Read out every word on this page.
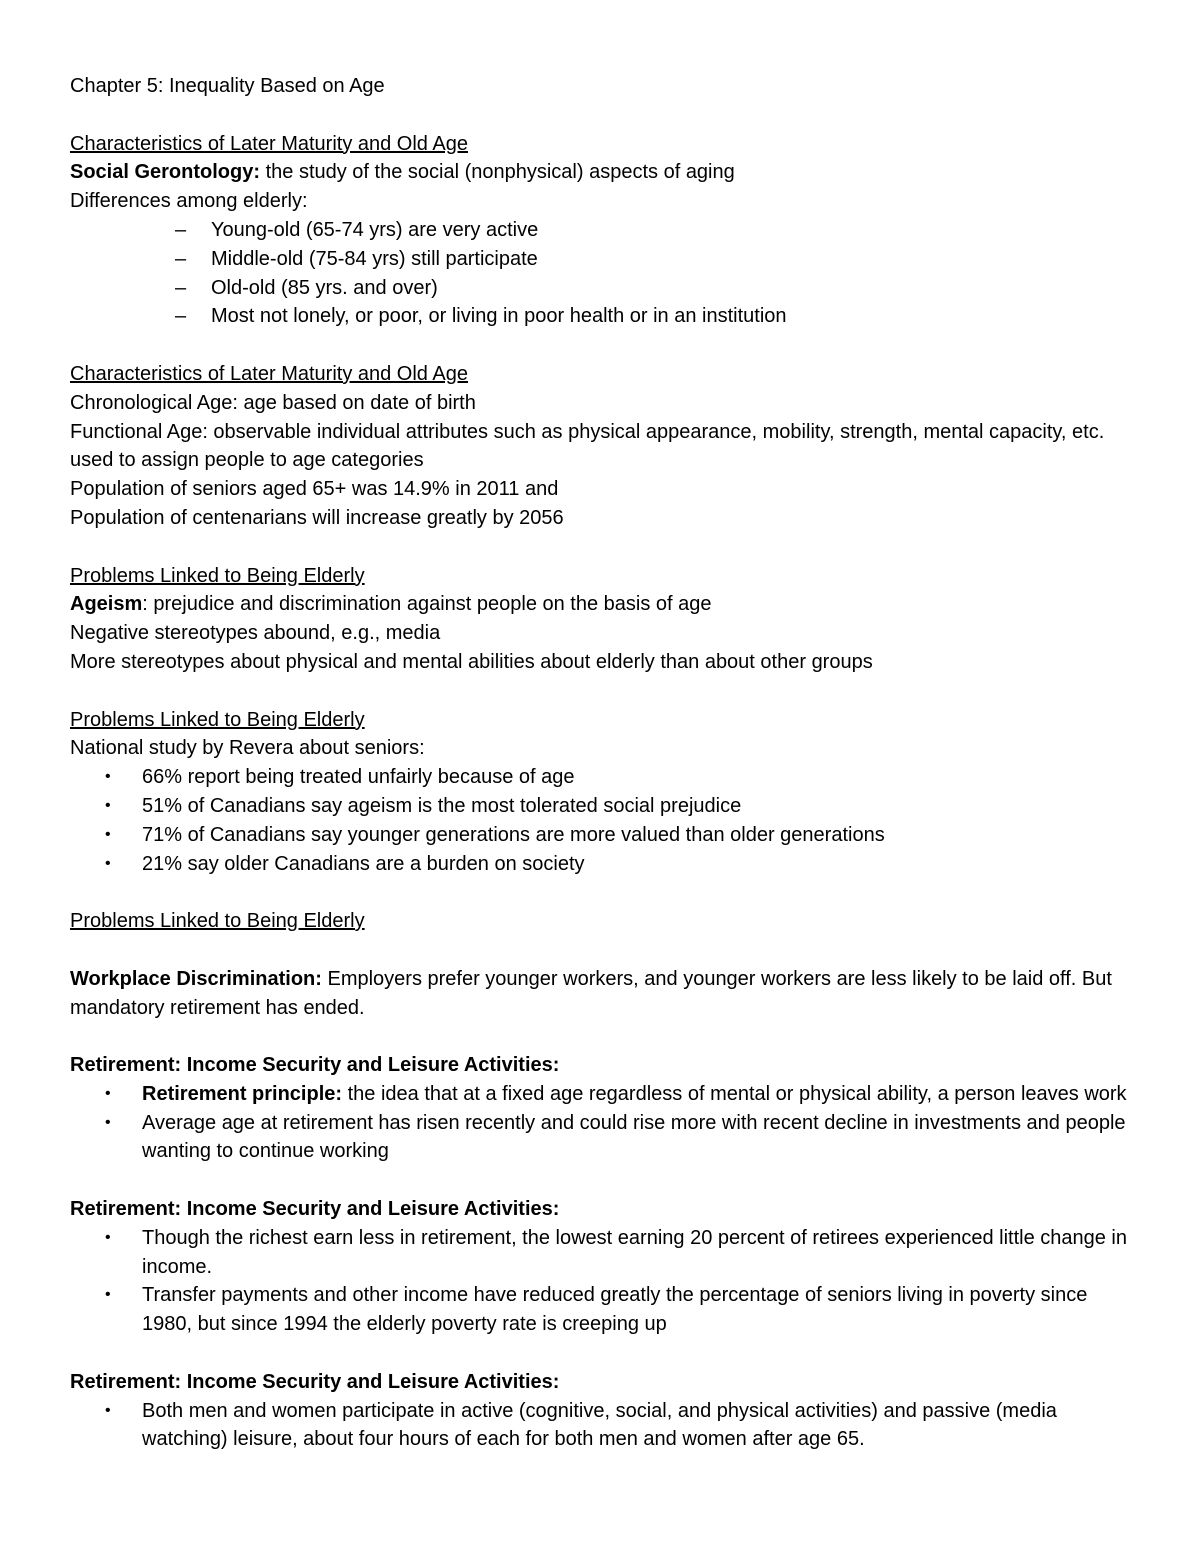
Chapter 5: Inequality Based on Age
Characteristics of Later Maturity and Old Age
Social Gerontology: the study of the social (nonphysical) aspects of aging
Differences among elderly:
– Young-old (65-74 yrs) are very active
– Middle-old (75-84 yrs) still participate
– Old-old (85 yrs. and over)
– Most not lonely, or poor, or living in poor health or in an institution
Characteristics of Later Maturity and Old Age
Chronological Age: age based on date of birth
Functional Age: observable individual attributes such as physical appearance, mobility, strength, mental capacity, etc. used to assign people to age categories
Population of seniors aged 65+ was 14.9% in 2011 and
Population of centenarians will increase greatly by 2056
Problems Linked to Being Elderly
Ageism: prejudice and discrimination against people on the basis of age
Negative stereotypes abound, e.g., media
More stereotypes about physical and mental abilities about elderly than about other groups
Problems Linked to Being Elderly
National study by Revera about seniors:
• 66% report being treated unfairly because of age
• 51% of Canadians say ageism is the most tolerated social prejudice
• 71% of Canadians say younger generations are more valued than older generations
• 21% say older Canadians are a burden on society
Problems Linked to Being Elderly
Workplace Discrimination: Employers prefer younger workers, and younger workers are less likely to be laid off. But mandatory retirement has ended.
Retirement: Income Security and Leisure Activities:
• Retirement principle: the idea that at a fixed age regardless of mental or physical ability, a person leaves work
• Average age at retirement has risen recently and could rise more with recent decline in investments and people wanting to continue working
Retirement: Income Security and Leisure Activities:
• Though the richest earn less in retirement, the lowest earning 20 percent of retirees experienced little change in income.
• Transfer payments and other income have reduced greatly the percentage of seniors living in poverty since 1980, but since 1994 the elderly poverty rate is creeping up
Retirement: Income Security and Leisure Activities:
• Both men and women participate in active (cognitive, social, and physical activities) and passive (media watching) leisure, about four hours of each for both men and women after age 65.
